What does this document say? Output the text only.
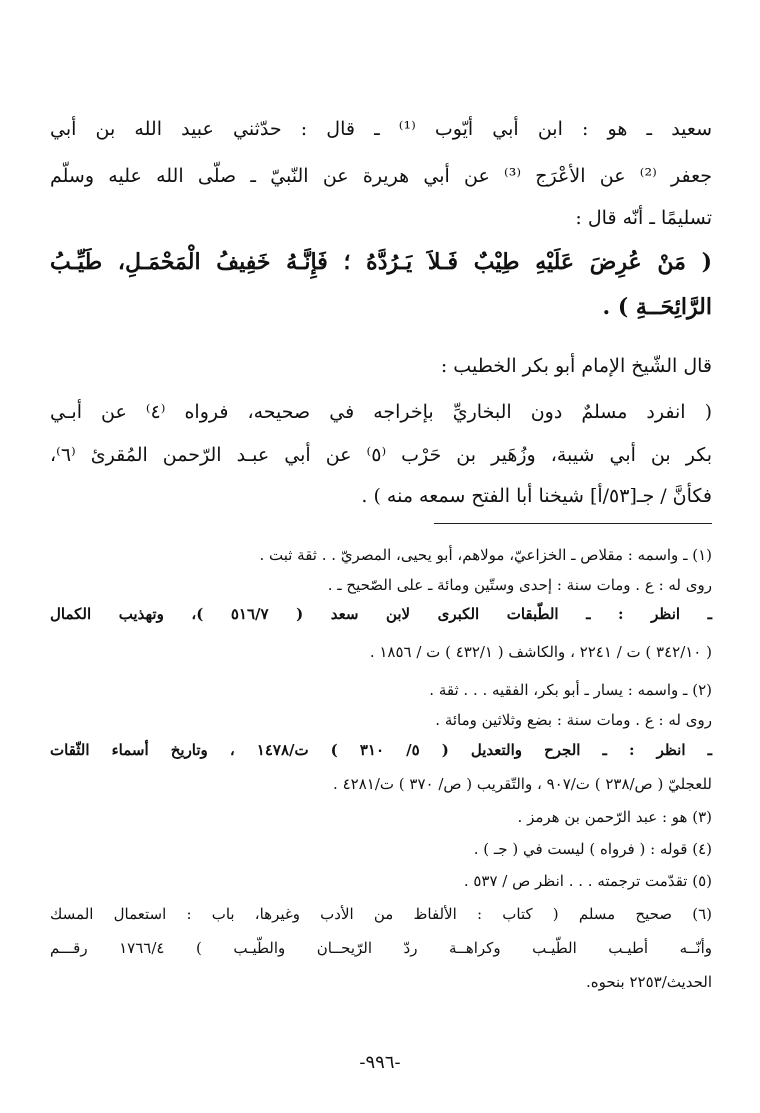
سعيد ـ هو : ابن أبي أيّوب ⁽¹⁾ ـ قال : حدّثني عبيد الله بن أبي
جعفر ⁽²⁾ عن الأعْرَج ⁽³⁾ عن أبي هريرة عن النّبيّ ـ صلّى الله عليه وسلّم
تسليمًا ـ أنّه قال :
( مَنْ عُرِضَ عَلَيْهِ طِيْبٌ فَـلاَ يَـرُدَّهُ ؛ فَإِنَّـهُ خَفِيفُ الْمَحْمَـلِ، طَيِّـبُ
الرَّائِحَــةِ ) .
قال الشّيخ الإمام أبو بكر الخطيب :
( انفرد مسلمٌ دون البخاريِّ بإخراجه في صحيحه، فرواه ⁽٤⁾ عن أبـي
بكر بن أبي شيبة، وزُهَير بن حَرْب ⁽٥⁾ عن أبي عبـد الرّحمن المُقرئ ⁽٦⁾،
فكأنَّ / جـ[٥٣/أ] شيخنا أبا الفتح سمعه منه ) .
(١) ـ واسمه : مقلاص ـ الخزاعيّ، مولاهم، أبو يحيى، المصريّ . . ثقة ثبت .
روى له : ع . ومات سنة : إحدى وستّين ومائة ـ على الصّحيح ـ .
ـ انظر : ـ الطّبقات الكبرى لابن سعد ( ٥١٦/٧ )، وتهذيب الكمال
( ٣٤٢/١٠ ) ت / ٢٢٤١ ، والكاشف ( ٤٣٢/١ ) ت / ١٨٥٦ .
(٢) ـ واسمه : يسار ـ أبو بكر، الفقيه . . . ثقة .
روى له : ع . ومات سنة : بضع وثلاثين ومائة .
ـ انظر : ـ الجرح والتعديل ( ٥/ ٣١٠ ) ت/١٤٧٨ ، وتاريخ أسماء الثّقات
للعجليّ ( ص/٢٣٨ ) ت/٩٠٧ ، والتّقريب ( ص/ ٣٧٠ ) ت/٤٢٨١ .
(٣) هو : عبد الرّحمن بن هرمز .
(٤) قوله : ( فرواه ) ليست في ( جـ ) .
(٥) تقدّمت ترجمته . . . انظر ص / ٥٣٧ .
(٦) صحيح مسلم ( كتاب : الألفاظ من الأدب وغيرها، باب : استعمال المسك
وأنّــه أطيـب الطّيـب وكراهــة ردّ الرّيحــان والطّيـب ) ١٧٦٦/٤ رقـــم
الحديث/٢٢٥٣ بنحوه.
-٩٩٦-
